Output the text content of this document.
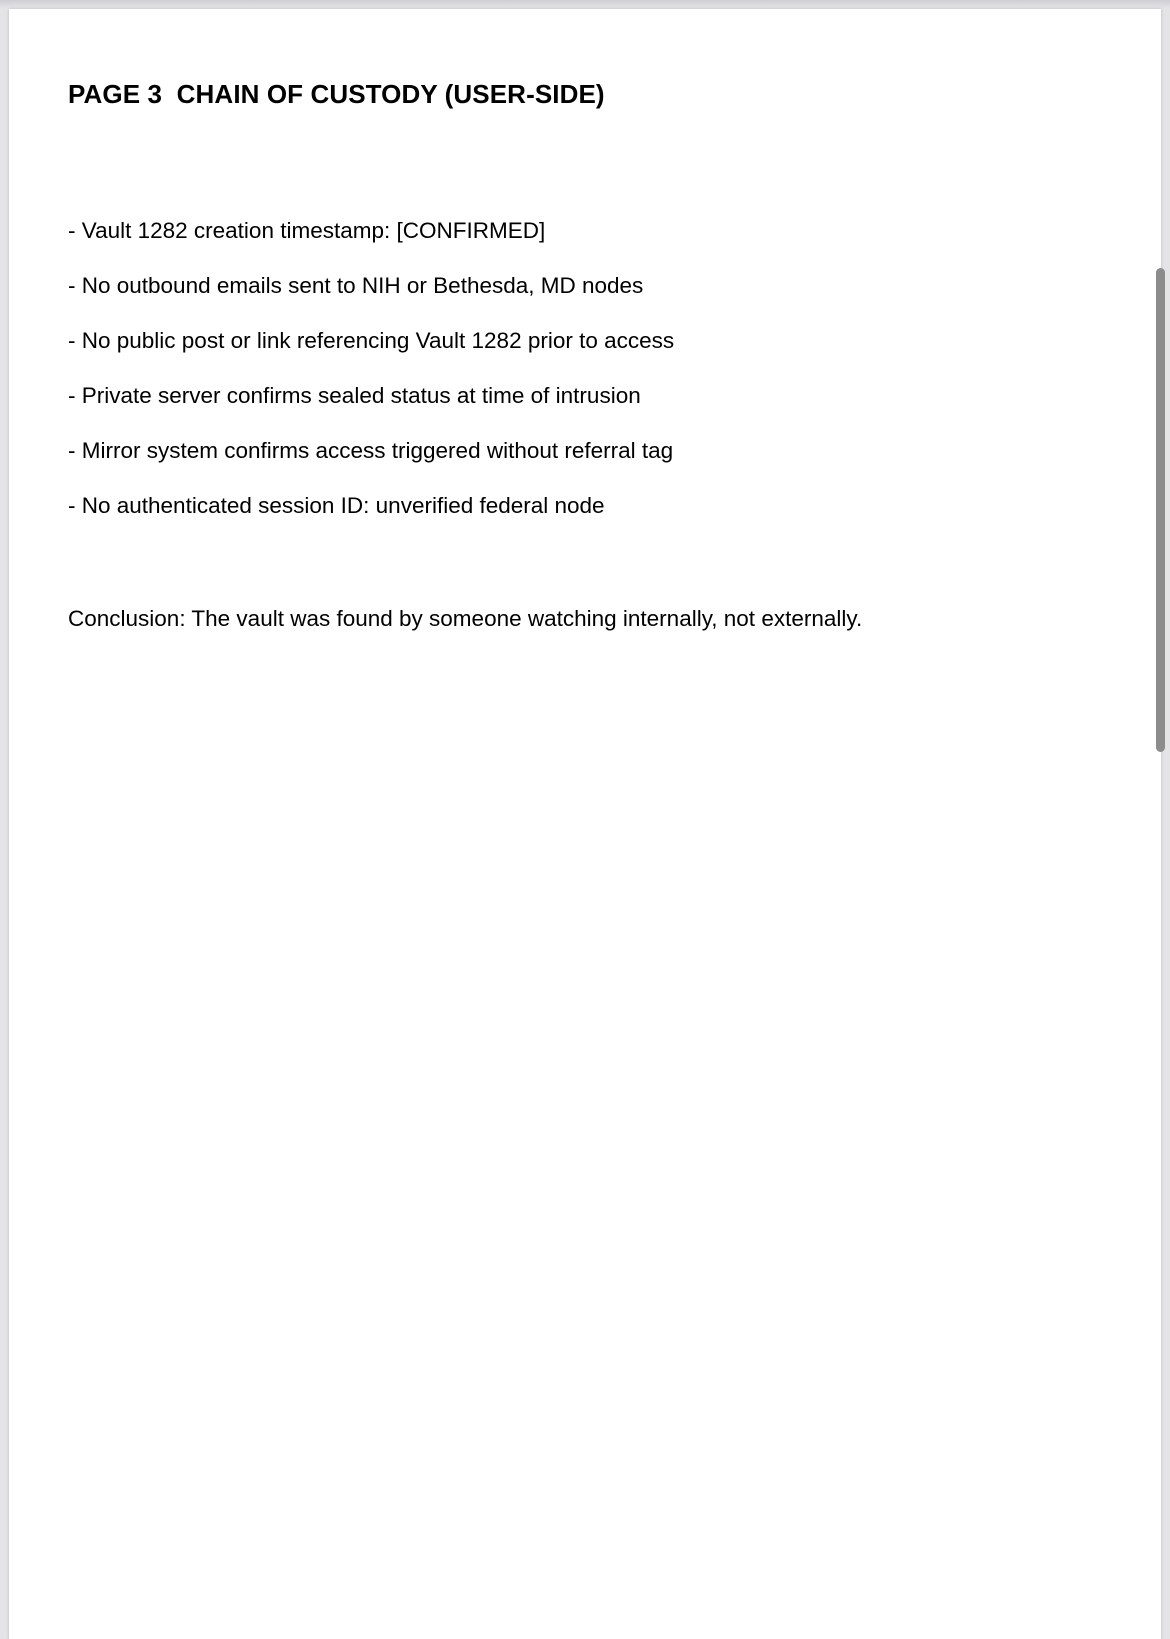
PAGE 3  CHAIN OF CUSTODY (USER-SIDE)
- Vault 1282 creation timestamp: [CONFIRMED]
- No outbound emails sent to NIH or Bethesda, MD nodes
- No public post or link referencing Vault 1282 prior to access
- Private server confirms sealed status at time of intrusion
- Mirror system confirms access triggered without referral tag
- No authenticated session ID: unverified federal node

Conclusion: The vault was found by someone watching internally, not externally.
